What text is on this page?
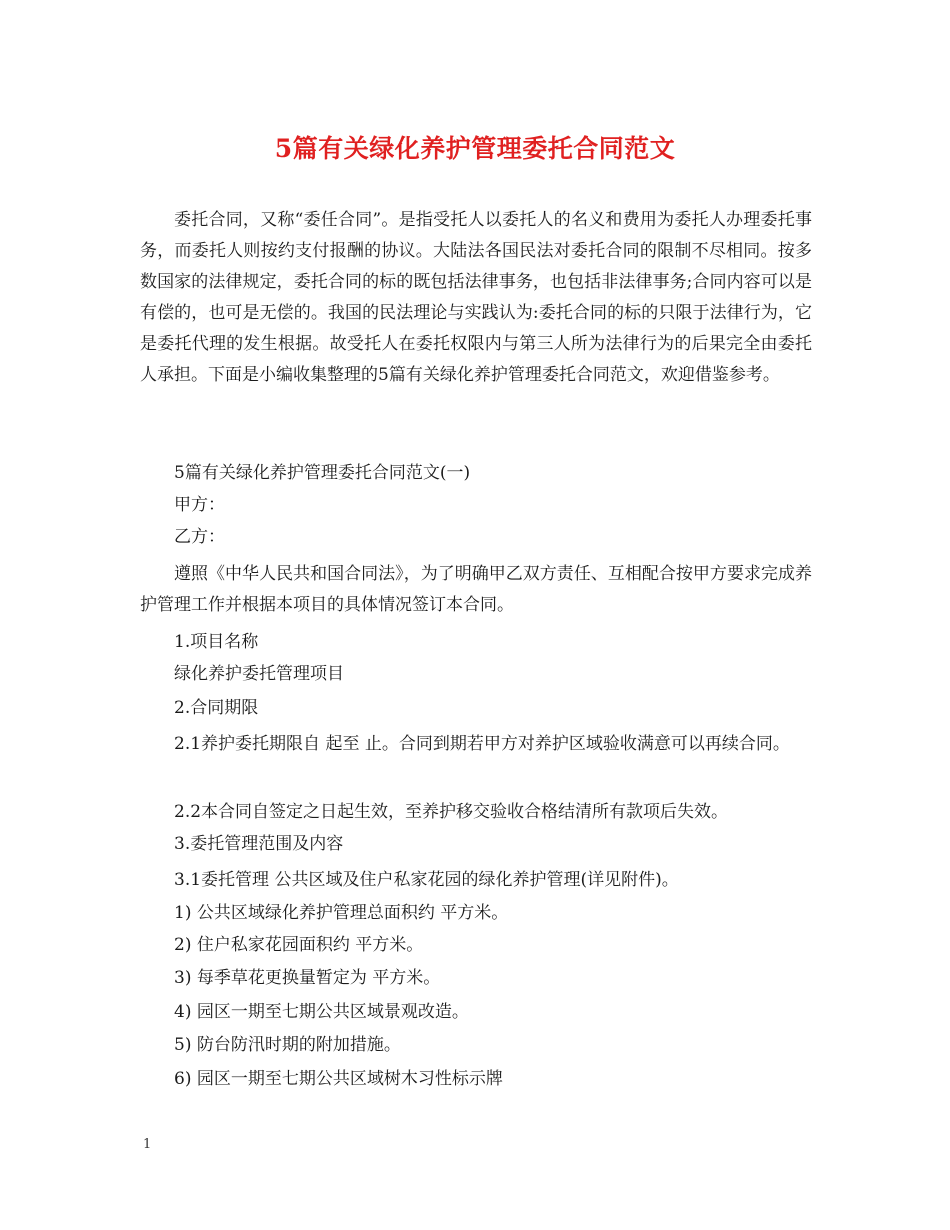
5篇有关绿化养护管理委托合同范文

委托合同，又称“委任合同”。是指受托人以委托人的名义和费用为委托人办理委托事务，而委托人则按约支付报酬的协议。大陆法各国民法对委托合同的限制不尽相同。按多数国家的法律规定，委托合同的标的既包括法律事务，也包括非法律事务;合同内容可以是有偿的，也可是无偿的。我国的民法理论与实践认为:委托合同的标的只限于法律行为，它是委托代理的发生根据。故受托人在委托权限内与第三人所为法律行为的后果完全由委托人承担。下面是小编收集整理的5篇有关绿化养护管理委托合同范文，欢迎借鉴参考。

5篇有关绿化养护管理委托合同范文(一)

甲方：

乙方：

遵照《中华人民共和国合同法》，为了明确甲乙双方责任、互相配合按甲方要求完成养护管理工作并根据本项目的具体情况签订本合同。

1.项目名称

绿化养护委托管理项目

2.合同期限

2.1养护委托期限自 起至 止。合同到期若甲方对养护区域验收满意可以再续合同。

2.2本合同自签定之日起生效，至养护移交验收合格结清所有款项后失效。

3.委托管理范围及内容

3.1委托管理 公共区域及住户私家花园的绿化养护管理(详见附件)。

1) 公共区域绿化养护管理总面积约 平方米。

2) 住户私家花园面积约 平方米。

3) 每季草花更换量暂定为 平方米。

4) 园区一期至七期公共区域景观改造。

5) 防台防汛时期的附加措施。

6) 园区一期至七期公共区域树木习性标示牌

1
